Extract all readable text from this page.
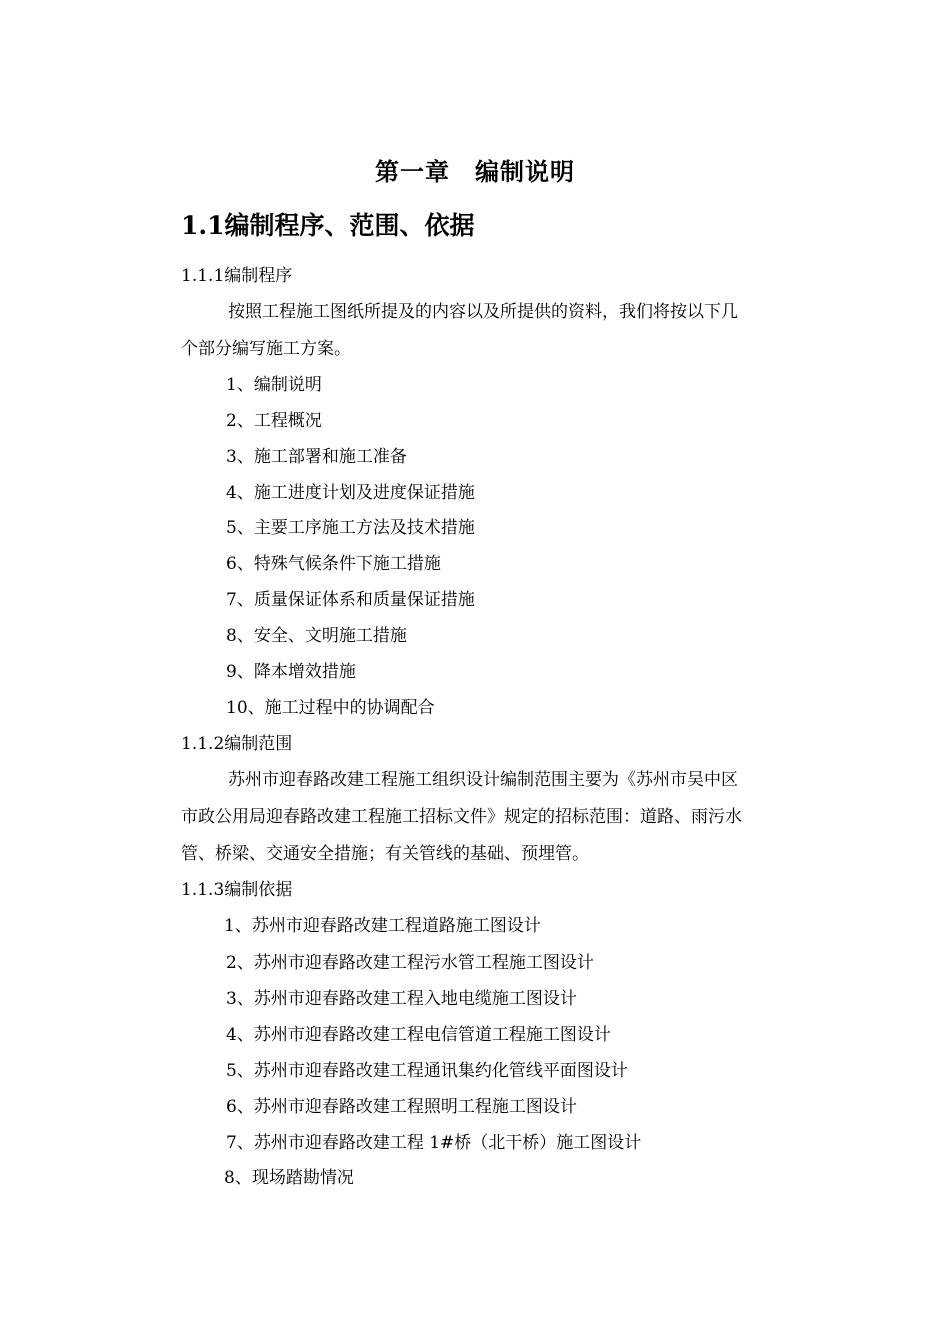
第一章　编制说明
1.1编制程序、范围、依据
1.1.1编制程序
按照工程施工图纸所提及的内容以及所提供的资料，我们将按以下几
个部分编写施工方案。
1、编制说明
2、工程概况
3、施工部署和施工准备
4、施工进度计划及进度保证措施
5、主要工序施工方法及技术措施
6、特殊气候条件下施工措施
7、质量保证体系和质量保证措施
8、安全、文明施工措施
9、降本增效措施
10、施工过程中的协调配合
1.1.2编制范围
苏州市迎春路改建工程施工组织设计编制范围主要为《苏州市吴中区
市政公用局迎春路改建工程施工招标文件》规定的招标范围：道路、雨污水
管、桥梁、交通安全措施；有关管线的基础、预埋管。
1.1.3编制依据
1、苏州市迎春路改建工程道路施工图设计
2、苏州市迎春路改建工程污水管工程施工图设计
3、苏州市迎春路改建工程入地电缆施工图设计
4、苏州市迎春路改建工程电信管道工程施工图设计
5、苏州市迎春路改建工程通讯集约化管线平面图设计
6、苏州市迎春路改建工程照明工程施工图设计
7、苏州市迎春路改建工程 1#桥（北干桥）施工图设计
8、现场踏勘情况
